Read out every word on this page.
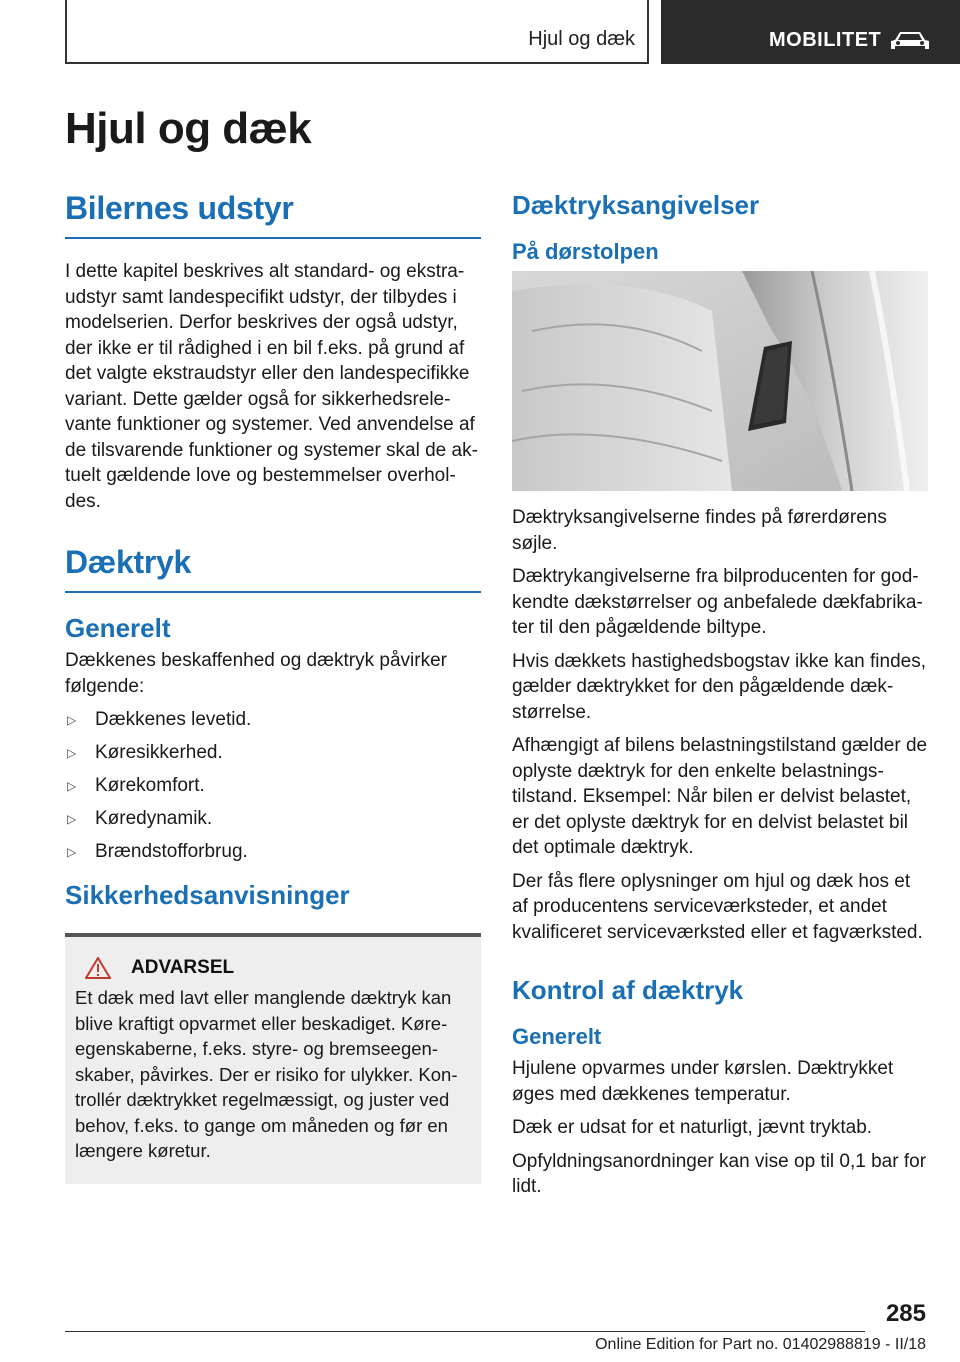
Hjul og dæk	MOBILITET
Hjul og dæk
Bilernes udstyr

I dette kapitel beskrives alt standard- og ekstraudstyr samt landespecifikt udstyr, der tilbydes i modelserien. Derfor beskrives der også udstyr, der ikke er til rådighed i en bil f.eks. på grund af det valgte ekstraudstyr eller den landespecifikke variant. Dette gælder også for sikkerhedsrelevante funktioner og systemer. Ved anvendelse af de tilsvarende funktioner og systemer skal de aktuelt gældende love og bestemmelser overholdes.

Dæktryk
Generelt

Dækkenes beskaffenhed og dæktryk påvirker følgende:

▷ Dækkenes levetid.
▷ Køresikkerhed.
▷ Kørekomfort.
▷ Køredynamik.
▷ Brændstofforbrug.
Sikkerhedsanvisninger
ADVARSEL

Et dæk med lavt eller manglende dæktryk kan blive kraftigt opvarmet eller beskadiget. Køreegenskaberne, f.eks. styre- og bremseegenskaber, påvirkes. Der er risiko for ulykker. Kontrollér dæktrykket regelmæssigt, og juster ved behov, f.eks. to gange om måneden og før en længere køretur.

Dæktryksangivelser
På dørstolpen

Dæktryksangivelserne findes på førerdørens søjle.

Dæktrykangivelserne fra bilproducenten for godkendte dækstørrelser og anbefalede dækfabrikater til den pågældende biltype.

Hvis dækkets hastighedsbogstav ikke kan findes, gælder dæktrykket for den pågældende dækstørrelse.

Afhængigt af bilens belastningstilstand gælder de oplyste dæktryk for den enkelte belastningstilstand. Eksempel: Når bilen er delvist belastet, er det oplyste dæktryk for en delvist belastet bil det optimale dæktryk.

Der fås flere oplysninger om hjul og dæk hos et af producentens serviceværksteder, et andet kvalificeret serviceværksted eller et fagværksted.

Kontrol af dæktryk
Generelt

Hjulene opvarmes under kørslen. Dæktrykket øges med dækkenes temperatur.

Dæk er udsat for et naturligt, jævnt tryktab.

Opfyldningsanordninger kan vise op til 0,1 bar for lidt.

285
Online Edition for Part no. 01402988819 - II/18
